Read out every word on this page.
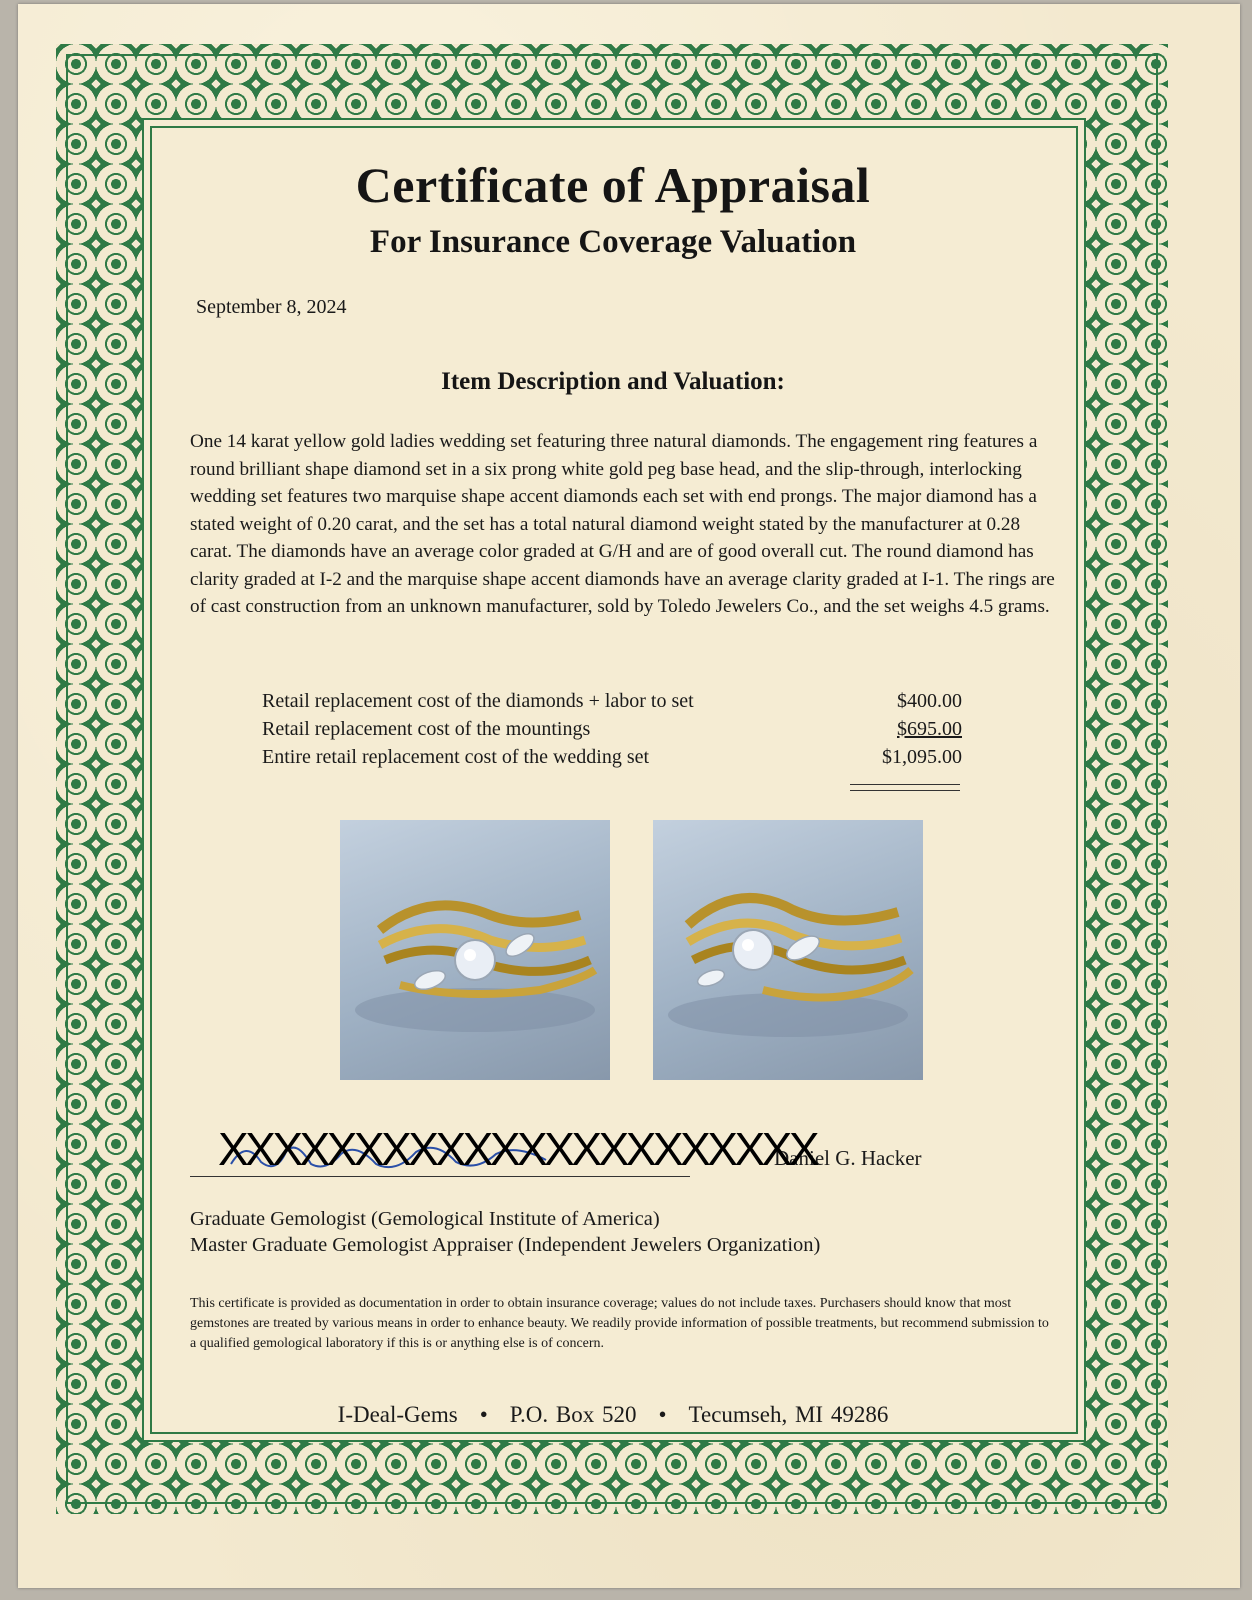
Certificate of Appraisal
For Insurance Coverage Valuation
September 8, 2024
Item Description and Valuation:
One 14 karat yellow gold ladies wedding set featuring three natural diamonds. The engagement ring features a round brilliant shape diamond set in a six prong white gold peg base head, and the slip-through, interlocking wedding set features two marquise shape accent diamonds each set with end prongs. The major diamond has a stated weight of 0.20 carat, and the set has a total natural diamond weight stated by the manufacturer at 0.28 carat. The diamonds have an average color graded at G/H and are of good overall cut. The round diamond has clarity graded at I-2 and the marquise shape accent diamonds have an average clarity graded at I-1. The rings are of cast construction from an unknown manufacturer, sold by Toledo Jewelers Co., and the set weighs 4.5 grams.
Retail replacement cost of the diamonds + labor to set	$400.00
Retail replacement cost of the mountings	$695.00
Entire retail replacement cost of the wedding set	$1,095.00
Daniel G. Hacker
XXXXXXXXXXXXXXXXXXXXXX
Graduate Gemologist (Gemological Institute of America)
Master Graduate Gemologist Appraiser (Independent Jewelers Organization)
This certificate is provided as documentation in order to obtain insurance coverage; values do not include taxes. Purchasers should know that most gemstones are treated by various means in order to enhance beauty. We readily provide information of possible treatments, but recommend submission to a qualified gemological laboratory if this is or anything else is of concern.
I-Deal-Gems • P.O. Box 520 • Tecumseh, MI 49286
